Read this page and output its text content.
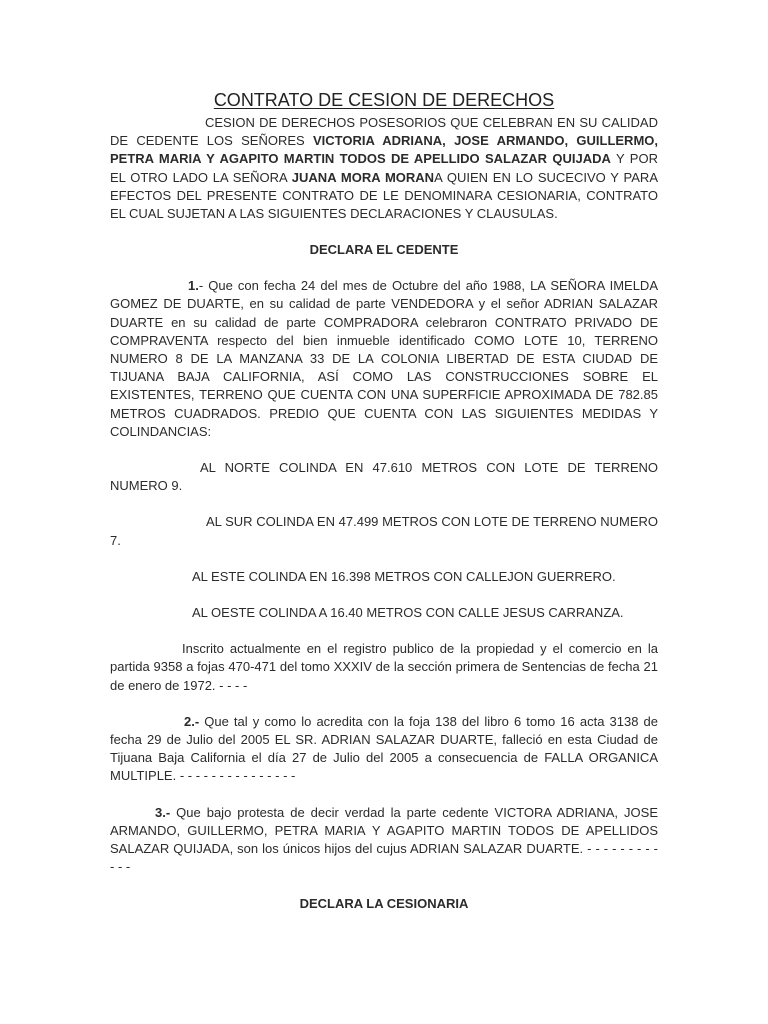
CONTRATO DE CESION DE DERECHOS

CESION DE DERECHOS POSESORIOS QUE CELEBRAN EN SU CALIDAD DE CEDENTE LOS SEÑORES VICTORIA ADRIANA, JOSE ARMANDO, GUILLERMO, PETRA MARIA Y AGAPITO MARTIN TODOS DE APELLIDO SALAZAR QUIJADA Y POR EL OTRO LADO LA SEÑORA JUANA MORA MORANA QUIEN EN LO SUCECIVO Y PARA EFECTOS DEL PRESENTE CONTRATO DE LE DENOMINARA CESIONARIA, CONTRATO EL CUAL SUJETAN A LAS SIGUIENTES DECLARACIONES Y CLAUSULAS.

DECLARA EL CEDENTE

1.- Que con fecha 24 del mes de Octubre del año 1988, LA SEÑORA IMELDA GOMEZ DE DUARTE, en su calidad de parte VENDEDORA y el señor ADRIAN SALAZAR DUARTE en su calidad de parte COMPRADORA celebraron CONTRATO PRIVADO DE COMPRAVENTA respecto del bien inmueble identificado COMO LOTE 10, TERRENO NUMERO 8 DE LA MANZANA 33 DE LA COLONIA LIBERTAD DE ESTA CIUDAD DE TIJUANA BAJA CALIFORNIA, ASÍ COMO LAS CONSTRUCCIONES SOBRE EL EXISTENTES, TERRENO QUE CUENTA CON UNA SUPERFICIE APROXIMADA DE 782.85 METROS CUADRADOS. PREDIO QUE CUENTA CON LAS SIGUIENTES MEDIDAS Y COLINDANCIAS:

AL NORTE COLINDA EN 47.610 METROS CON LOTE DE TERRENO NUMERO 9.

AL SUR COLINDA EN 47.499 METROS CON LOTE DE TERRENO NUMERO 7.

AL ESTE COLINDA EN 16.398 METROS CON CALLEJON GUERRERO.

AL OESTE COLINDA A 16.40 METROS CON CALLE JESUS CARRANZA.

Inscrito actualmente en el registro publico de la propiedad y el comercio en la partida 9358 a fojas 470-471 del tomo XXXIV de la sección primera de Sentencias de fecha 21 de enero de 1972. - - - -

2.- Que tal y como lo acredita con la foja 138 del libro 6 tomo 16 acta 3138 de fecha 29 de Julio del 2005 EL SR. ADRIAN SALAZAR DUARTE, falleció en esta Ciudad de Tijuana Baja California el día 27 de Julio del 2005 a consecuencia de FALLA ORGANICA MULTIPLE. - - - - - - - - - - - - - - -

3.- Que bajo protesta de decir verdad la parte cedente VICTORA ADRIANA, JOSE ARMANDO, GUILLERMO, PETRA MARIA Y AGAPITO MARTIN TODOS DE APELLIDOS SALAZAR QUIJADA, son los únicos hijos del cujus ADRIAN SALAZAR DUARTE. - - - - - - - - - - - -

DECLARA LA CESIONARIA
